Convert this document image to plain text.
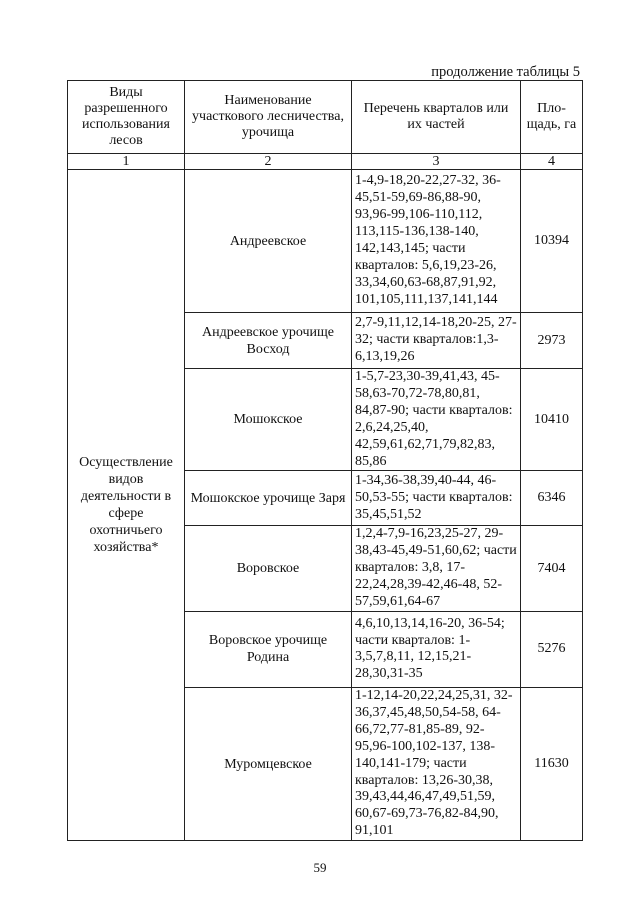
продолжение таблицы 5
Виды разрешенного использования лесов	Наименование участкового лесничества, урочища	Перечень кварталов или их частей	Пло-щадь, га
1	2	3	4
Осуществление видов деятельности в сфере охотничьего хозяйства*	Андреевское	1-4,9-18,20-22,27-32, 36-45,51-59,69-86,88-90, 93,96-99,106-110,112, 113,115-136,138-140, 142,143,145; части кварталов: 5,6,19,23-26, 33,34,60,63-68,87,91,92, 101,105,111,137,141,144	10394
	Андреевское урочище Восход	2,7-9,11,12,14-18,20-25, 27-32; части кварталов:1,3-6,13,19,26	2973
	Мошокское	1-5,7-23,30-39,41,43, 45-58,63-70,72-78,80,81, 84,87-90; части кварталов: 2,6,24,25,40, 42,59,61,62,71,79,82,83, 85,86	10410
	Мошокское урочище Заря	1-34,36-38,39,40-44, 46-50,53-55; части кварталов: 35,45,51,52	6346
	Воровское	1,2,4-7,9-16,23,25-27, 29-38,43-45,49-51,60,62; части кварталов: 3,8, 17-22,24,28,39-42,46-48, 52-57,59,61,64-67	7404
	Воровское урочище Родина	4,6,10,13,14,16-20, 36-54; части кварталов: 1-3,5,7,8,11, 12,15,21-28,30,31-35	5276
	Муромцевское	1-12,14-20,22,24,25,31, 32-36,37,45,48,50,54-58, 64-66,72,77-81,85-89, 92-95,96-100,102-137, 138-140,141-179; части кварталов: 13,26-30,38, 39,43,44,46,47,49,51,59, 60,67-69,73-76,82-84,90, 91,101	11630
59
